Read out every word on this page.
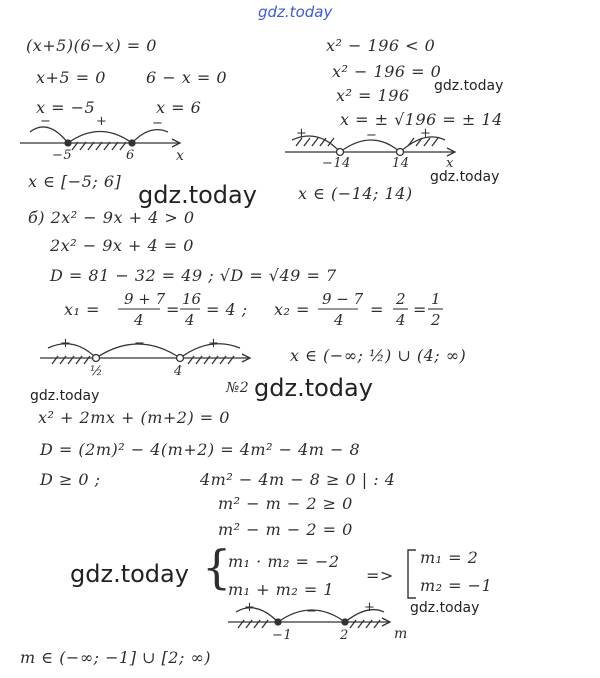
gdz.today
gdz.today
gdz.today
gdz.today
gdz.today	gdz.today
gdz.today
gdz.today
(x+5)(6−x) = 0
x+5 = 0	6 − x = 0
x = −5	x = 6
−5	6	x
−	+	−
x ∈ [−5; 6]
x² − 196 < 0
x² − 196 = 0
x² = 196
x = ± √196 = ± 14
+	−	+
−14	14	x
x ∈ (−14; 14)
б) 2x² − 9x + 4 > 0
2x² − 9x + 4 = 0
D = 81 − 32 = 49 ; √D = √49 = 7
x₁ =
9 + 7
4
=
16
4
= 4 ; x₂ =
9 − 7
4
=
2
4
=
1
2
+	−	+
½	4
x ∈ (−∞; ½) ∪ (4; ∞)
№2
x² + 2mx + (m+2) = 0
D = (2m)² − 4(m+2) = 4m² − 4m − 8
D ≥ 0 ;	4m² − 4m − 8 ≥ 0 | : 4
m² − m − 2 ≥ 0
m² − m − 2 = 0
{
m₁ · m₂ = −2
m₁ + m₂ = 1
=>
m₁ = 2
m₂ = −1
+	−	+
−1	2	m
m ∈ (−∞; −1] ∪ [2; ∞)
